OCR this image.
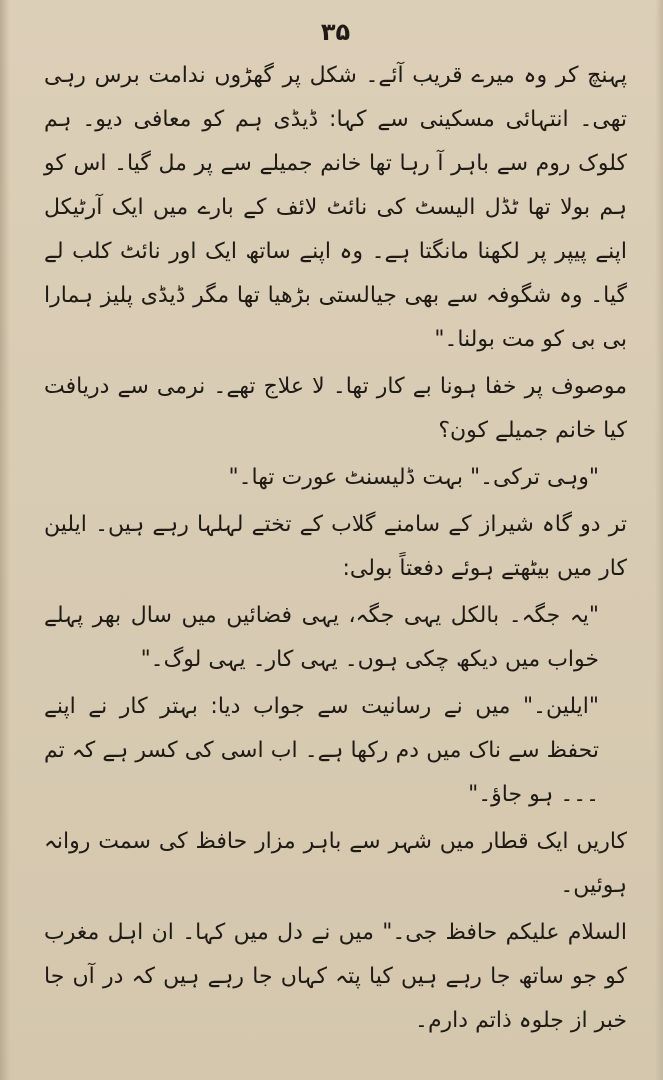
۳۵

پہنچ کر وہ میرے قریب آئے۔ شکل پر گھڑوں ندامت برس رہی تھی۔ انتہائی مسکینی سے کہا: ڈیڈی ہم کو معافی دیو۔ ہم کلوک روم سے باہر آ رہا تھا خانم جمیلے سے پر مل گیا۔ اس کو ہم بولا تھا ٹڈل الیسٹ کی نائٹ لائف کے بارے میں ایک آرٹیکل اپنے پیپر پر لکھنا مانگتا ہے۔ وہ اپنے ساتھ ایک اور نائٹ کلب لے گیا۔ وہ شگوفہ سے بھی جیالستی بڑھیا تھا مگر ڈیڈی پلیز ہمارا بی بی کو مت بولنا۔"

موصوف پر خفا ہونا بے کار تھا۔ لا علاج تھے۔ نرمی سے دریافت کیا خانم جمیلے کون؟

"وہی ترکی۔" بہت ڈلیسنٹ عورت تھا۔"

تر دو گاہ شیراز کے سامنے گلاب کے تختے لہلہا رہے ہیں۔ ایلین کار میں بیٹھتے ہوئے دفعتاً بولی:

"یہ جگہ۔ بالکل یہی جگہ، یہی فضائیں میں سال بھر پہلے خواب میں دیکھ چکی ہوں۔ یہی کار۔ یہی لوگ۔"

"ایلین۔" میں نے رسانیت سے جواب دیا: بہتر کار نے اپنے تحفظ سے ناک میں دم رکھا ہے۔ اب اسی کی کسر ہے کہ تم ۔۔۔ ہو جاؤ۔"

کاریں ایک قطار میں شہر سے باہر مزار حافظ کی سمت روانہ ہوئیں۔

السلام علیکم حافظ جی۔" میں نے دل میں کہا۔ ان اہل مغرب کو جو ساتھ جا رہے ہیں کیا پتہ کہاں جا رہے ہیں کہ در آں جا خبر از جلوہ ذاتم دارم۔
